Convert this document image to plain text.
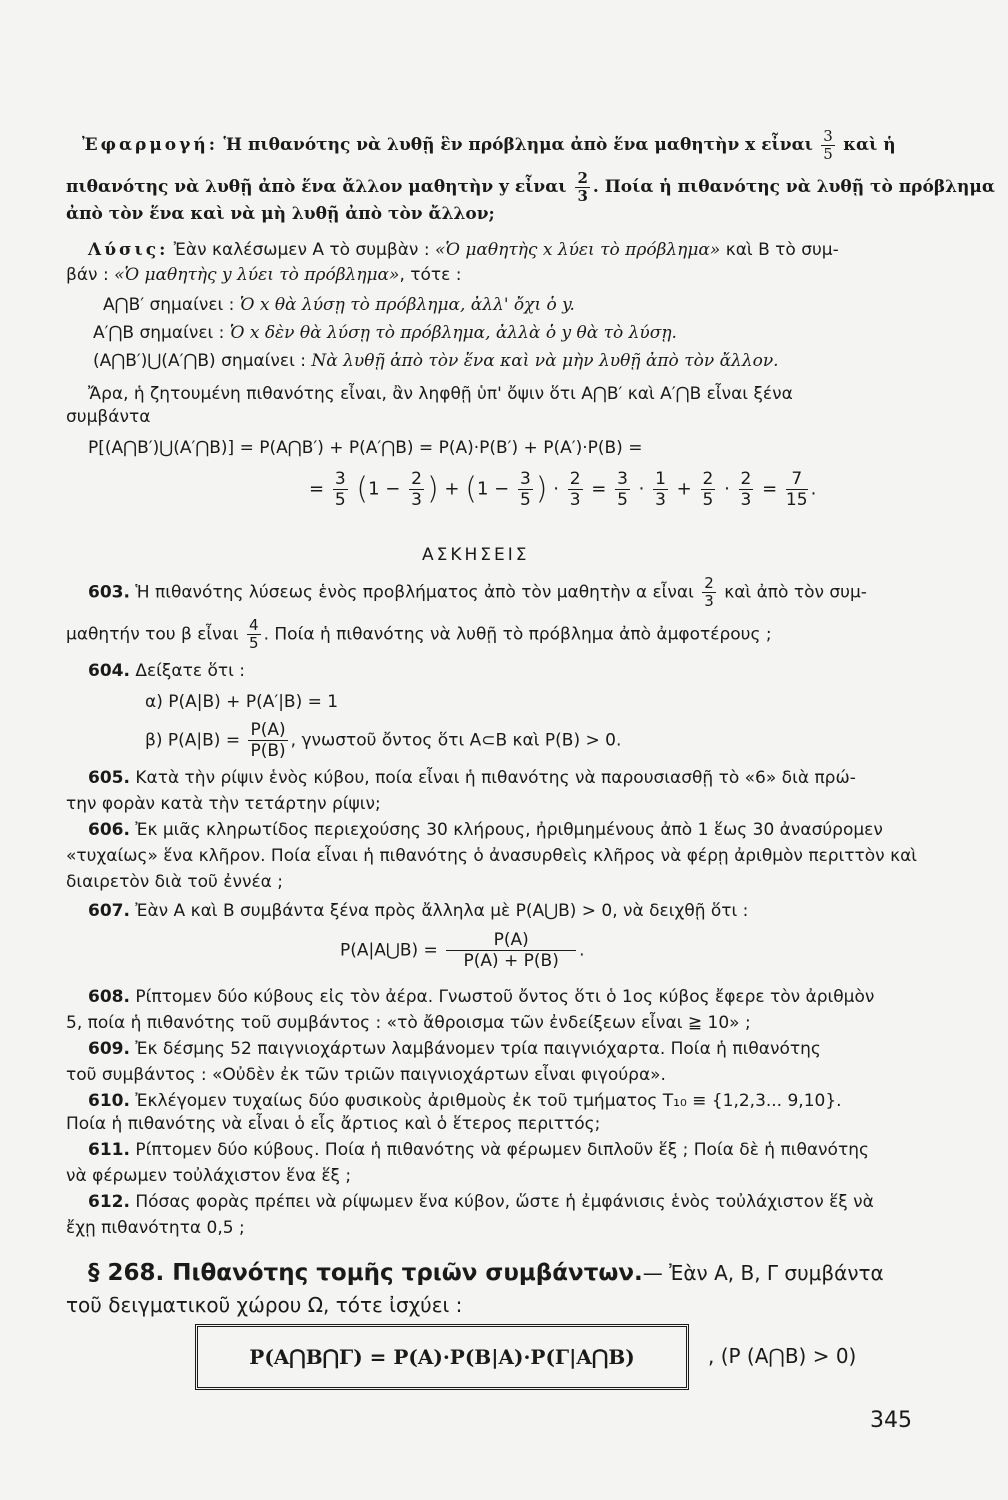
Ἐφαρμογή: Ἡ πιθανότης νὰ λυθῇ ἓν πρόβλημα ἀπὸ ἕνα μαθητὴν x εἶναι $\frac{3}{5}$ καὶ ἡ
πιθανότης νὰ λυθῇ ἀπὸ ἕνα ἄλλον μαθητὴν y εἶναι $\frac{2}{3}$ . Ποία ἡ πιθανότης νὰ λυθῇ τὸ πρόβλημα
ἀπὸ τὸν ἕνα καὶ νὰ μὴ λυθῇ ἀπὸ τὸν ἄλλον;
Λύσις: Ἐὰν καλέσωμεν Α τὸ συμβὰν : «Ὁ μαθητὴς x λύει τὸ πρόβλημα» καὶ Β τὸ συμ-
βάν : «Ὁ μαθητὴς y λύει τὸ πρόβλημα», τότε :
Α⋂Β′ σημαίνει : Ὁ x θὰ λύσῃ τὸ πρόβλημα, ἀλλ' ὄχι ὁ y.
Α′⋂Β σημαίνει : Ὁ x δὲν θὰ λύσῃ τὸ πρόβλημα, ἀλλὰ ὁ y θὰ τὸ λύσῃ.
(Α⋂Β′)⋃(Α′⋂Β) σημαίνει : Νὰ λυθῇ ἀπὸ τὸν ἕνα καὶ νὰ μὴν λυθῇ ἀπὸ τὸν ἄλλον.
Ἄρα, ἡ ζητουμένη πιθανότης εἶναι, ἂν ληφθῇ ὑπ' ὄψιν ὅτι Α⋂Β′ καὶ Α′⋂Β εἶναι ξένα
συμβάντα
P[(Α⋂Β′)⋃(Α′⋂Β)] = P(Α⋂Β′) + P(Α′⋂Β) = P(Α)·P(Β′) + P(Α′)·P(Β) =
= $\frac{3}{5} (1 - \frac{2}{3}$ ) + ($1 - \frac{3}{5}$ ) · $\frac{2}{3} = \frac{3}{5} \cdot \frac{1}{3} + \frac{2}{5} \cdot \frac{2}{3} = \frac{7}{15}$ .
ΑΣΚΗΣΕΙΣ
603. Ἡ πιθανότης λύσεως ἑνὸς προβλήματος ἀπὸ τὸν μαθητὴν α εἶναι $\frac{2}{3}$ καὶ ἀπὸ τὸν συμ-
μαθητήν του β εἶναι $\frac{4}{5}$ . Ποία ἡ πιθανότης νὰ λυθῇ τὸ πρόβλημα ἀπὸ ἀμφοτέρους ;
604. Δείξατε ὅτι :
α) P(Α|Β) + P(Α′|Β) = 1
β) $P(A|B) = \frac{P(A)}{P(B)}$ , γνωστοῦ ὄντος ὅτι Α⊂Β καὶ P(Β) > 0.
605. Κατὰ τὴν ρίψιν ἑνὸς κύβου, ποία εἶναι ἡ πιθανότης νὰ παρουσιασθῇ τὸ «6» διὰ πρώ-
την φορὰν κατὰ τὴν τετάρτην ρίψιν;
606. Ἐκ μιᾶς κληρωτίδος περιεχούσης 30 κλήρους, ἠριθμημένους ἀπὸ 1 ἕως 30 ἀνασύρομεν
«τυχαίως» ἕνα κλῆρον. Ποία εἶναι ἡ πιθανότης ὁ ἀνασυρθεὶς κλῆρος νὰ φέρῃ ἀριθμὸν περιττὸν καὶ
διαιρετὸν διὰ τοῦ ἐννέα ;
607. Ἐὰν Α καὶ Β συμβάντα ξένα πρὸς ἄλληλα μὲ P(Α⋃Β) > 0, νὰ δειχθῇ ὅτι :
P(Α|Α⋃Β) = $\frac{P(A)}{P(A) + P(B)}$ .
608. Ρίπτομεν δύο κύβους εἰς τὸν ἀέρα. Γνωστοῦ ὄντος ὅτι ὁ 1ος κύβος ἔφερε τὸν ἀριθμὸν
5, ποία ἡ πιθανότης τοῦ συμβάντος : «τὸ ἄθροισμα τῶν ἐνδείξεων εἶναι ≧ 10» ;
609. Ἐκ δέσμης 52 παιγνιοχάρτων λαμβάνομεν τρία παιγνιόχαρτα. Ποία ἡ πιθανότης
τοῦ συμβάντος : «Οὐδὲν ἐκ τῶν τριῶν παιγνιοχάρτων εἶναι φιγούρα».
610. Ἐκλέγομεν τυχαίως δύο φυσικοὺς ἀριθμοὺς ἐκ τοῦ τμήματος T₁₀ ≡ {1,2,3... 9,10}.
Ποία ἡ πιθανότης νὰ εἶναι ὁ εἷς ἄρτιος καὶ ὁ ἕτερος περιττός;
611. Ρίπτομεν δύο κύβους. Ποία ἡ πιθανότης νὰ φέρωμεν διπλοῦν ἕξ ; Ποία δὲ ἡ πιθανότης
νὰ φέρωμεν τοὐλάχιστον ἕνα ἕξ ;
612. Πόσας φορὰς πρέπει νὰ ρίψωμεν ἕνα κύβον, ὥστε ἡ ἐμφάνισις ἑνὸς τοὐλάχιστον ἕξ νὰ
ἔχῃ πιθανότητα 0,5 ;
§ 268. Πιθανότης τομῆς τριῶν συμβάντων.— Ἐὰν Α, Β, Γ συμβάντα
τοῦ δειγματικοῦ χώρου Ω, τότε ἰσχύει :
P(Α⋂Β⋂Γ) = P(Α)·P(Β|Α)·P(Γ|Α⋂Β)	, (P (Α⋂Β) > 0)
345
